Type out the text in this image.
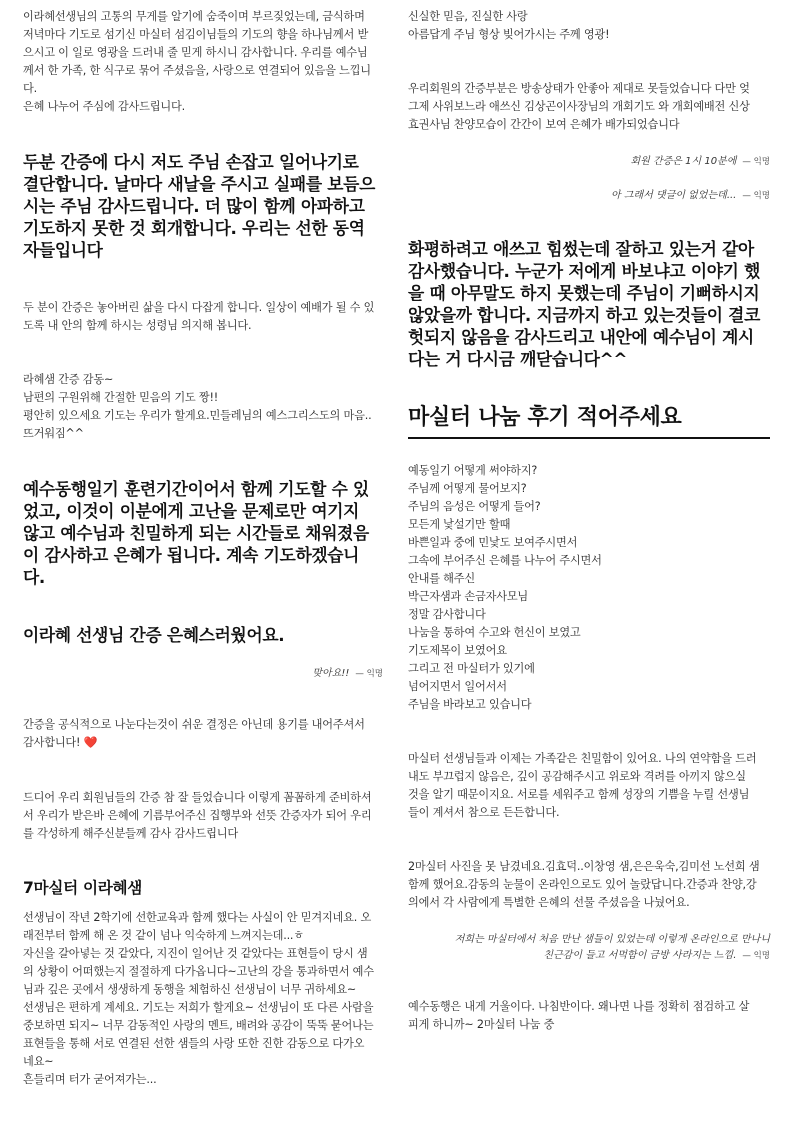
이라혜선생님의 고통의 무게를 알기에 숨죽이며 부르짖었는데, 금식하며
저녁마다 기도로 섬기신 마실터 섬김이님들의 기도의 향을 하나님께서 받
으시고 이 일로 영광을 드러내 줄 믿게 하시니 감사합니다. 우리를 예수님
께서 한 가족, 한 식구로 묶어 주셨음을, 사랑으로 연결되어 있음을 느낍니
다.
은혜 나누어 주심에 감사드립니다.

두분 간증에 다시 저도 주님 손잡고 일어나기로
결단합니다. 날마다 새날을 주시고 실패를 보듬으
시는 주님 감사드립니다. 더 많이 함께 아파하고
기도하지 못한 것 회개합니다. 우리는 선한 동역
자들입니다

두 분이 간증은 놓아버린 삶을 다시 다잡게 합니다. 일상이 예배가 될 수 있
도록 내 안의 함께 하시는 성령님 의지해 봅니다.

라혜샘 간증 감동~
남편의 구원위해 간절한 믿음의 기도 짱!!
평안히 있으세요 기도는 우리가 할게요.민들레님의 예스그리스도의 마음..
뜨거워짐^^

예수동행일기 훈련기간이어서 함께 기도할 수 있
었고, 이것이 이분에게 고난을 문제로만 여기지
않고 예수님과 친밀하게 되는 시간들로 채워졌음
이 감사하고 은혜가 됩니다. 계속 기도하겠습니
다.

이라혜 선생님 간증 은혜스러웠어요.

맞아요!! — 익명

간증을 공식적으로 나눈다는것이 쉬운 결정은 아닌데 용기를 내어주셔서
감사합니다! ❤️

드디어 우리 회원님들의 간증 참 잘 들었습니다 이렇게 꼼꼼하게 준비하셔
서 우리가 받은바 은혜에 기름부어주신 집행부와 선뜻 간증자가 되어 우리
를 각성하게 해주신분들께 감사 감사드립니다

7마실터 이라혜샘

선생님이 작년 2학기에 선한교육과 함께 했다는 사실이 안 믿겨지네요. 오
래전부터 함께 해 온 것 같이 넘나 익숙하게 느껴지는데...ㅎ
자신을 갈아넣는 것 같았다, 지진이 일어난 것 같았다는 표현들이 당시 샘
의 상황이 어떠했는지 절절하게 다가옵니다~고난의 강을 통과하면서 예수
님과 깊은 곳에서 생생하게 동행을 체험하신 선생님이 너무 귀하세요~
선생님은 편하게 계세요. 기도는 저희가 할게요~ 선생님이 또 다른 사람을
중보하면 되지~ 너무 감동적인 사랑의 멘트, 배려와 공감이 뚝뚝 묻어나는
표현들을 통해 서로 연결된 선한 샘들의 사랑 또한 진한 감동으로 다가오
네요~
흔들리며 터가 굳어져가는...

신실한 믿음, 진실한 사랑
아름답게 주님 형상 빚어가시는 주께 영광!

우리회원의 간증부분은 방송상태가 안좋아 제대로 못들었습니다 다만 엊
그제 사위보느라 애쓰신 김상곤이사장님의 개회기도 와 개회예배전 신상
효권사님 찬양모습이 간간이 보여 은혜가 배가되었습니다

회원 간증은 1시 10분에 — 익명
아 그래서 댓글이 없었는데... — 익명

화평하려고 애쓰고 힘썼는데 잘하고 있는거 같아
감사했습니다. 누군가 저에게 바보냐고 이야기 했
을 때 아무말도 하지 못했는데 주님이 기뻐하시지
않았을까 합니다. 지금까지 하고 있는것들이 결코
헛되지 않음을 감사드리고 내안에 예수님이 계시
다는 거 다시금 깨닫습니다^^

마실터 나눔 후기 적어주세요

예동일기 어떻게 써야하지?
주님께 어떻게 물어보지?
주님의 음성은 어떻게 들어?
모든게 낯설기만 할때
바쁜일과 중에 민낯도 보여주시면서
그속에 부어주신 은혜를 나누어 주시면서
안내를 해주신
박근자샘과 손금자사모님
정말 감사합니다
나눔을 통하여 수고와 헌신이 보였고
기도제목이 보였어요
그리고 전 마실터가 있기에
넘어지면서 일어서서
주님을 바라보고 있습니다

마실터 선생님들과 이제는 가족같은 친밀함이 있어요. 나의 연약함을 드러
내도 부끄럽지 않음은, 깊이 공감해주시고 위로와 격려를 아끼지 않으실
것을 알기 때문이지요. 서로를 세워주고 함께 성장의 기쁨을 누릴 선생님
들이 계셔서 참으로 든든합니다.

2마실터 사진을 못 남겼네요.김효덕..이창영 샘,은은욱숙,김미선 노선희 샘
함께 했어요.감동의 눈물이 온라인으로도 있어 놀랐답니다.간증과 찬양,강
의에서 각 사람에게 특별한 은혜의 선물 주셨음을 나눴어요.

저희는 마실터에서 처음 만난 샘들이 있었는데 이렇게 온라인으로 만나니
친근감이 들고 서먹함이 금방 사라지는 느낌. — 익명

예수동행은 내게 거울이다. 나침반이다. 왜나면 나를 정확히 점검하고 살
피게 하니까~ 2마실터 나눔 중
